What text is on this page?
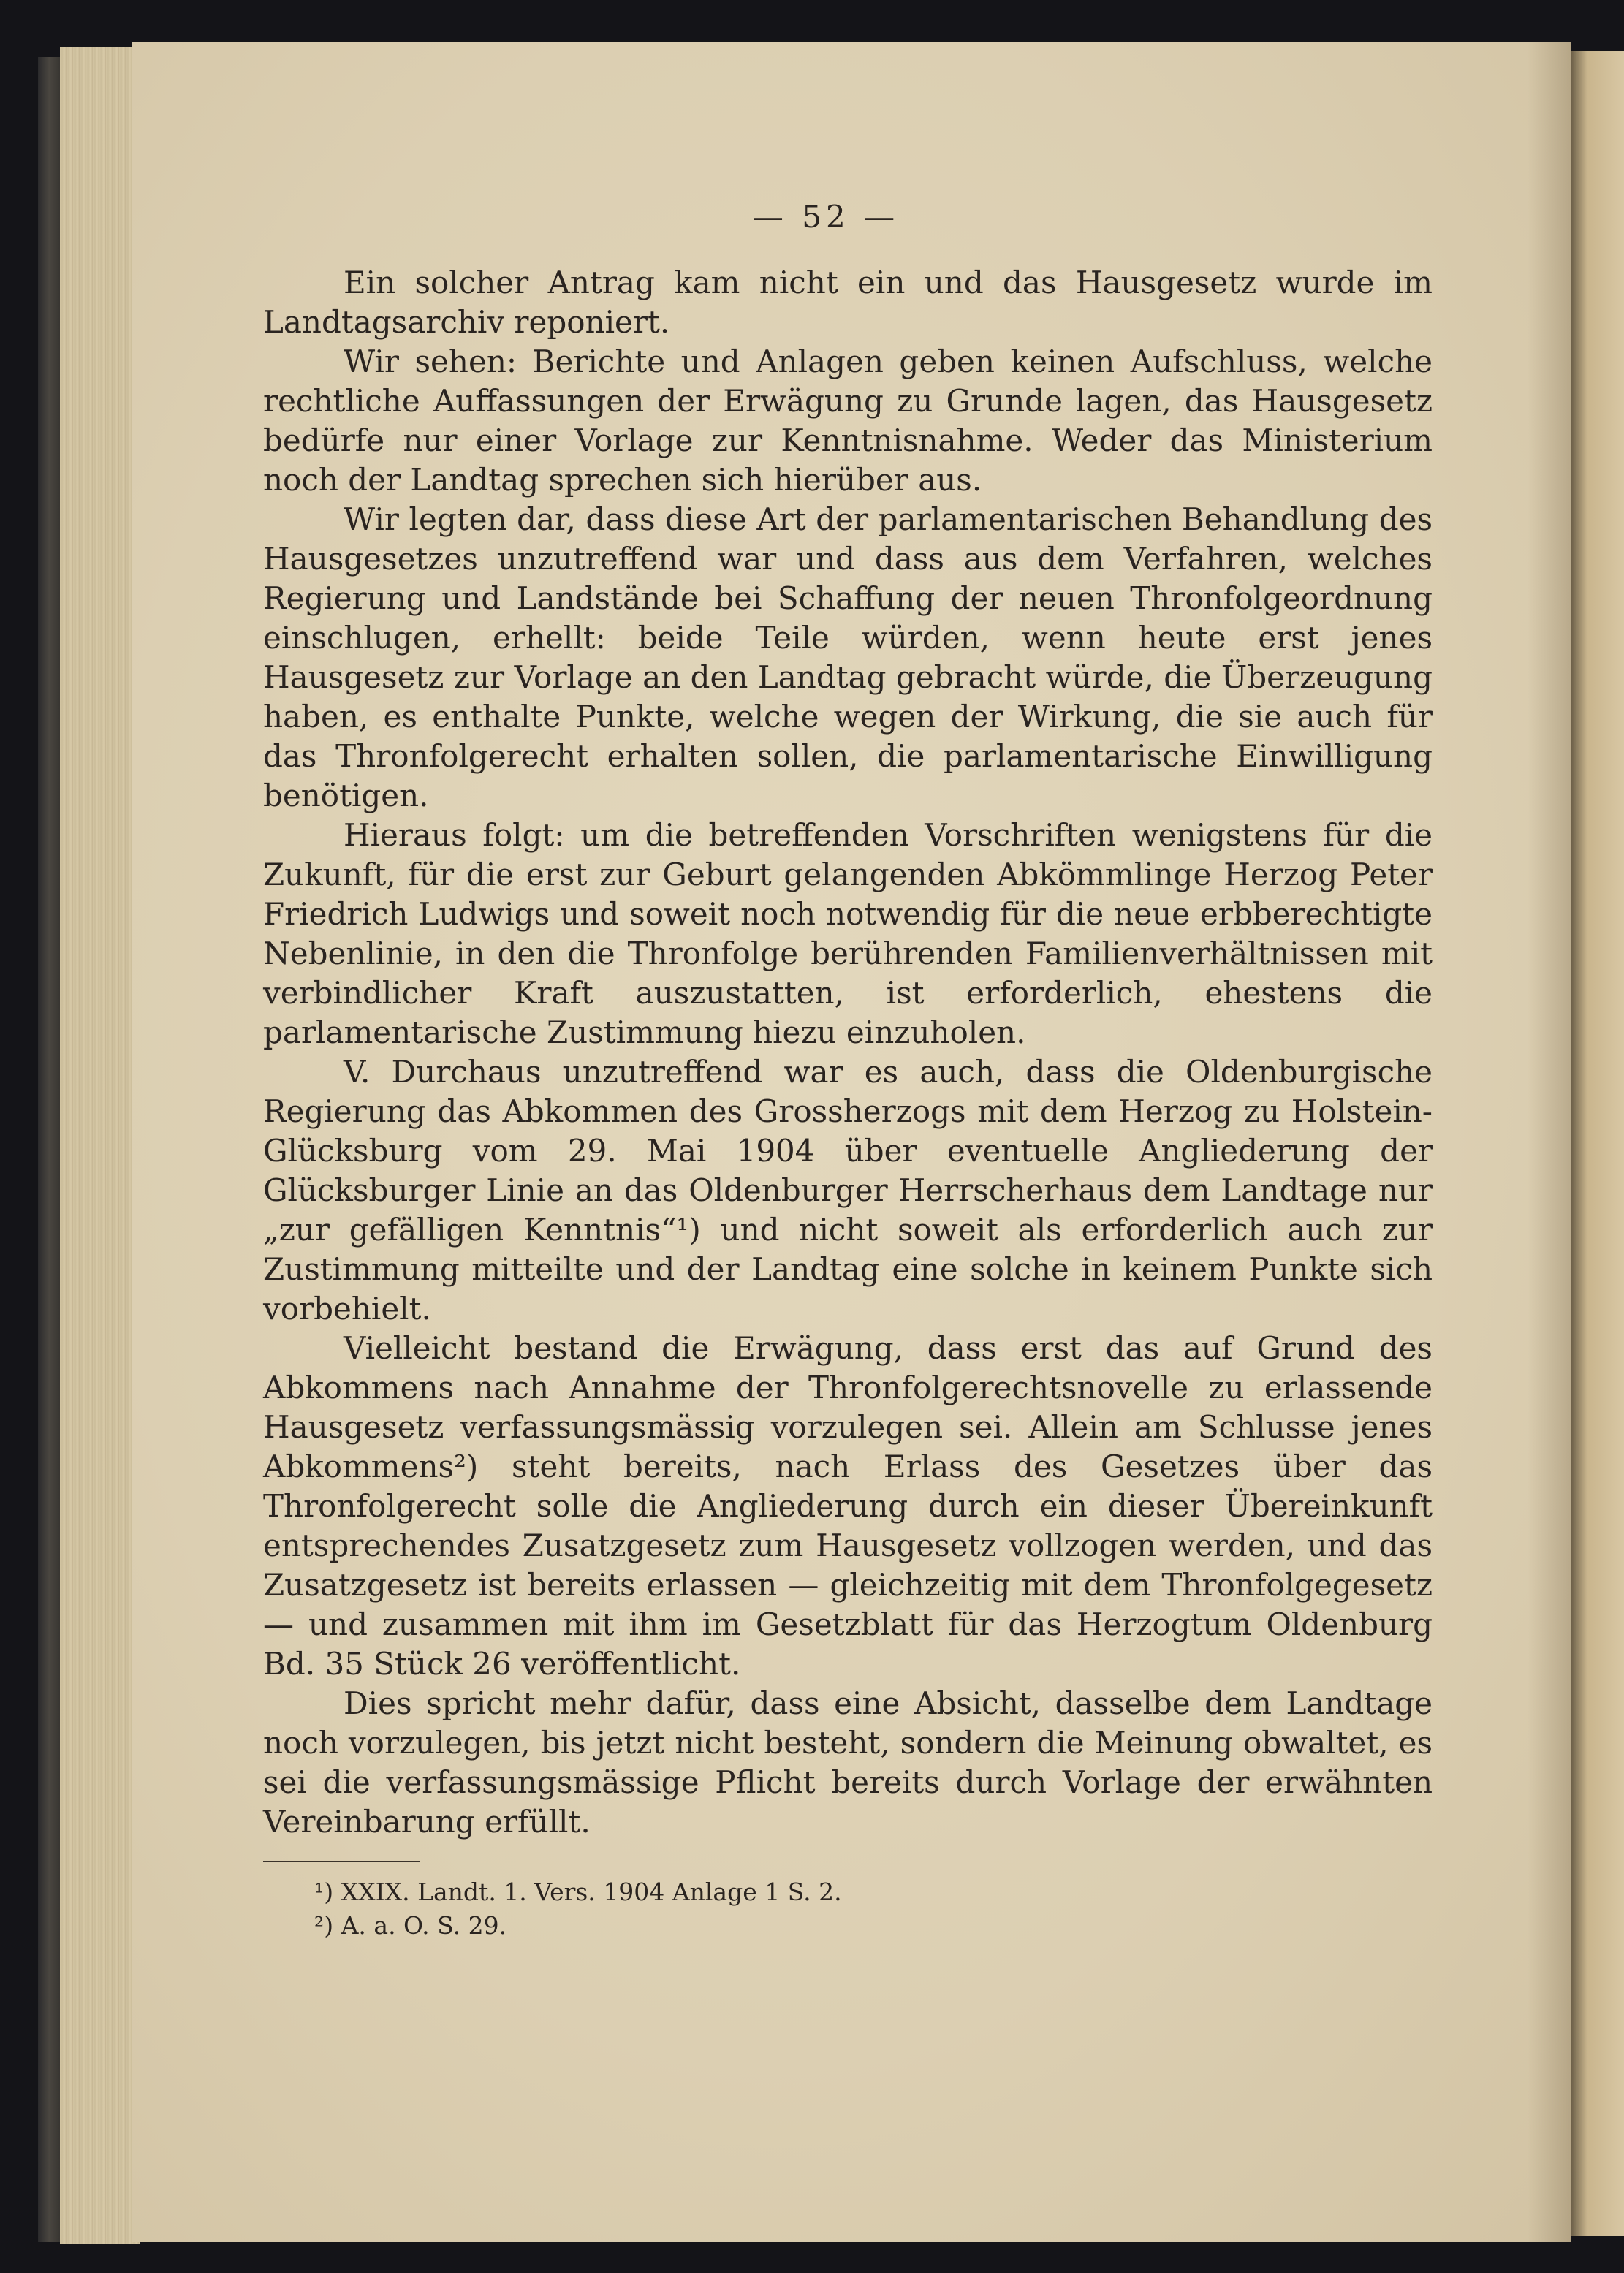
— 52 —

Ein solcher Antrag kam nicht ein und das Hausgesetz wurde im Landtagsarchiv reponiert.

Wir sehen: Berichte und Anlagen geben keinen Aufschluss, welche rechtliche Auffassungen der Erwägung zu Grunde lagen, das Hausgesetz bedürfe nur einer Vorlage zur Kenntnisnahme. Weder das Ministerium noch der Landtag sprechen sich hierüber aus.

Wir legten dar, dass diese Art der parlamentarischen Behandlung des Hausgesetzes unzutreffend war und dass aus dem Verfahren, welches Regierung und Landstände bei Schaffung der neuen Thronfolgeordnung einschlugen, erhellt: beide Teile würden, wenn heute erst jenes Hausgesetz zur Vorlage an den Landtag gebracht würde, die Überzeugung haben, es enthalte Punkte, welche wegen der Wirkung, die sie auch für das Thronfolgerecht erhalten sollen, die parlamentarische Einwilligung benötigen.

Hieraus folgt: um die betreffenden Vorschriften wenigstens für die Zukunft, für die erst zur Geburt gelangenden Abkömmlinge Herzog Peter Friedrich Ludwigs und soweit noch notwendig für die neue erbberechtigte Nebenlinie, in den die Thronfolge berührenden Familienverhältnissen mit verbindlicher Kraft auszustatten, ist erforderlich, ehestens die parlamentarische Zustimmung hiezu einzuholen.

V. Durchaus unzutreffend war es auch, dass die Oldenburgische Regierung das Abkommen des Grossherzogs mit dem Herzog zu Holstein-Glücksburg vom 29. Mai 1904 über eventuelle Angliederung der Glücksburger Linie an das Oldenburger Herrscherhaus dem Landtage nur „zur gefälligen Kenntnis“¹) und nicht soweit als erforderlich auch zur Zustimmung mitteilte und der Landtag eine solche in keinem Punkte sich vorbehielt.

Vielleicht bestand die Erwägung, dass erst das auf Grund des Abkommens nach Annahme der Thronfolgerechtsnovelle zu erlassende Hausgesetz verfassungsmässig vorzulegen sei. Allein am Schlusse jenes Abkommens²) steht bereits, nach Erlass des Gesetzes über das Thronfolgerecht solle die Angliederung durch ein dieser Übereinkunft entsprechendes Zusatzgesetz zum Hausgesetz vollzogen werden, und das Zusatzgesetz ist bereits erlassen — gleichzeitig mit dem Thronfolgegesetz — und zusammen mit ihm im Gesetzblatt für das Herzogtum Oldenburg Bd. 35 Stück 26 veröffentlicht.

Dies spricht mehr dafür, dass eine Absicht, dasselbe dem Landtage noch vorzulegen, bis jetzt nicht besteht, sondern die Meinung obwaltet, es sei die verfassungsmässige Pflicht bereits durch Vorlage der erwähnten Vereinbarung erfüllt.

¹) XXIX. Landt. 1. Vers. 1904 Anlage 1 S. 2.

²) A. a. O. S. 29.
